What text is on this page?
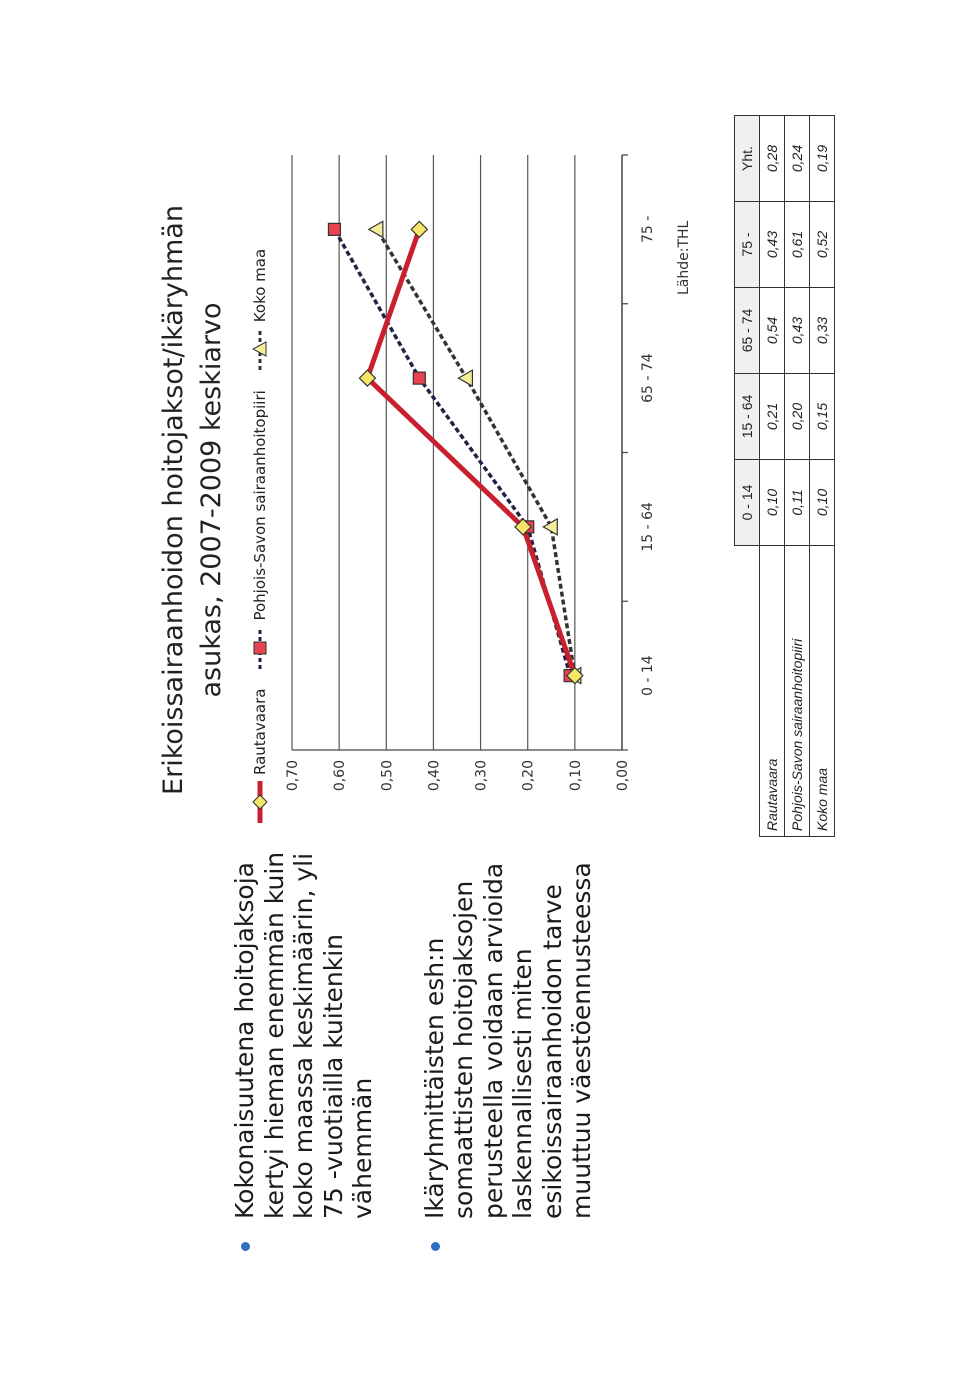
Kokonaisuutena hoitojaksoja kertyi hieman enemmän kuin koko maassa keskimäärin, yli 75 -vuotiailla kuitenkin vähemmän Ikäryhmittäisten esh:n somaattisten hoitojaksojen perusteella voidaan arvioida laskennallisesti miten esikoissairaanhoidon tarve muuttuu väestöennusteessa
Erikoissairaanhoidon hoitojaksot/ikäryhmän asukas, 2007-2009 keskiarvo
Rautavaara
Pohjois-Savon sairaanhoitopiiri
Koko maa
0,00
0,10
0,20
0,30
0,40
0,50
0,60
0,70
0 - 14
15 - 64
65 - 74
75 - Lähde:THL
	0 - 14	15 - 64	65 - 74	75 -	Yht.
Rautavaara	0,10	0,21	0,54	0,43	0,28
Pohjois-Savon sairaanhoitopiiri	0,11	0,20	0,43	0,61	0,24
Koko maa	0,10	0,15	0,33	0,52	0,19
